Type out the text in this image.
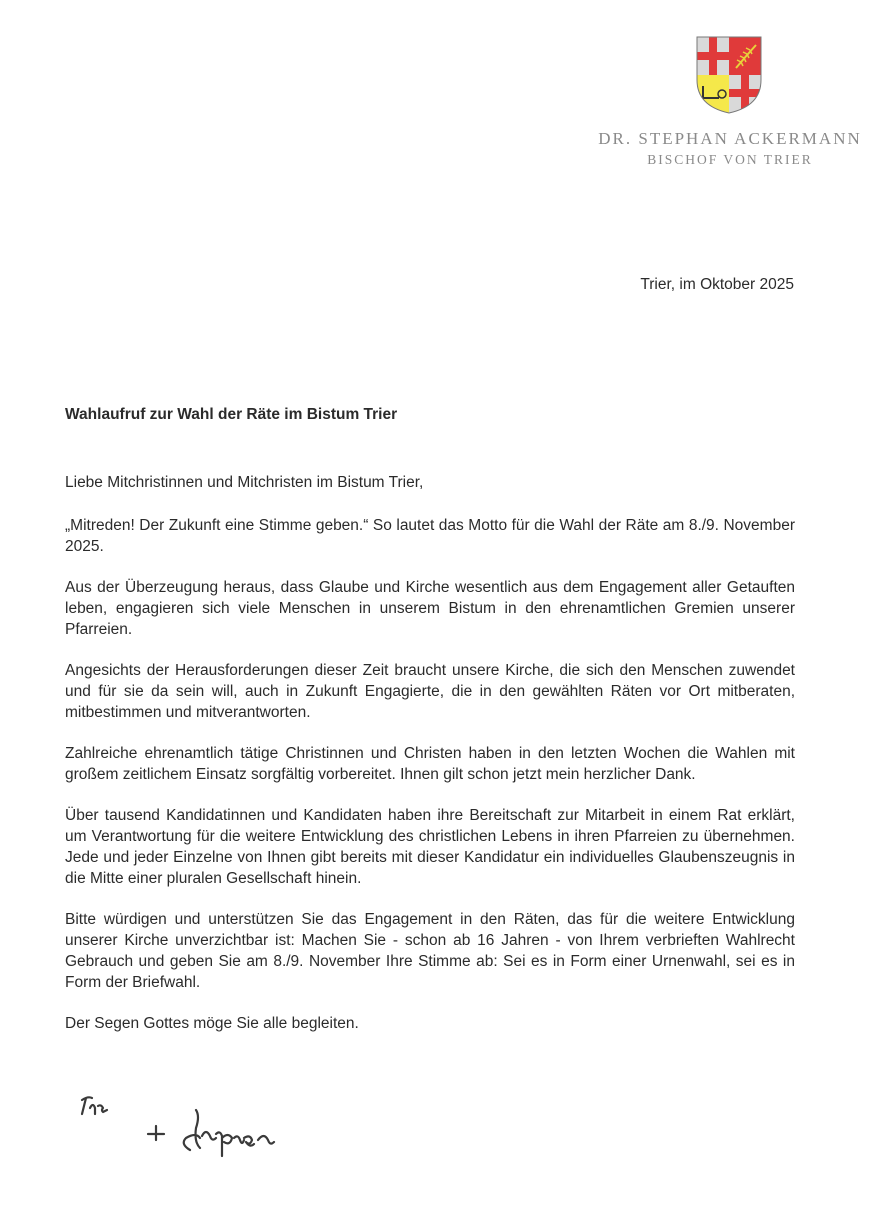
DR. STEPHAN ACKERMANN
BISCHOF VON TRIER
Trier, im Oktober 2025
Wahlaufruf zur Wahl der Räte im Bistum Trier

Liebe Mitchristinnen und Mitchristen im Bistum Trier,

„Mitreden! Der Zukunft eine Stimme geben.“ So lautet das Motto für die Wahl der Räte am 8./9. November 2025.

Aus der Überzeugung heraus, dass Glaube und Kirche wesentlich aus dem Engagement aller Getauften leben, engagieren sich viele Menschen in unserem Bistum in den ehrenamtlichen Gremien unserer Pfarreien.

Angesichts der Herausforderungen dieser Zeit braucht unsere Kirche, die sich den Menschen zuwendet und für sie da sein will, auch in Zukunft Engagierte, die in den gewählten Räten vor Ort mitberaten, mitbestimmen und mitverantworten.

Zahlreiche ehrenamtlich tätige Christinnen und Christen haben in den letzten Wochen die Wahlen mit großem zeitlichem Einsatz sorgfältig vorbereitet. Ihnen gilt schon jetzt mein herzlicher Dank.

Über tausend Kandidatinnen und Kandidaten haben ihre Bereitschaft zur Mitarbeit in einem Rat erklärt, um Verantwortung für die weitere Entwicklung des christlichen Lebens in ihren Pfarreien zu übernehmen. Jede und jeder Einzelne von Ihnen gibt bereits mit dieser Kandidatur ein individuelles Glaubenszeugnis in die Mitte einer pluralen Gesellschaft hinein.

Bitte würdigen und unterstützen Sie das Engagement in den Räten, das für die weitere Entwicklung unserer Kirche unverzichtbar ist: Machen Sie - schon ab 16 Jahren - von Ihrem verbrieften Wahlrecht Gebrauch und geben Sie am 8./9. November Ihre Stimme ab: Sei es in Form einer Urnenwahl, sei es in Form der Briefwahl.

Der Segen Gottes möge Sie alle begleiten.
